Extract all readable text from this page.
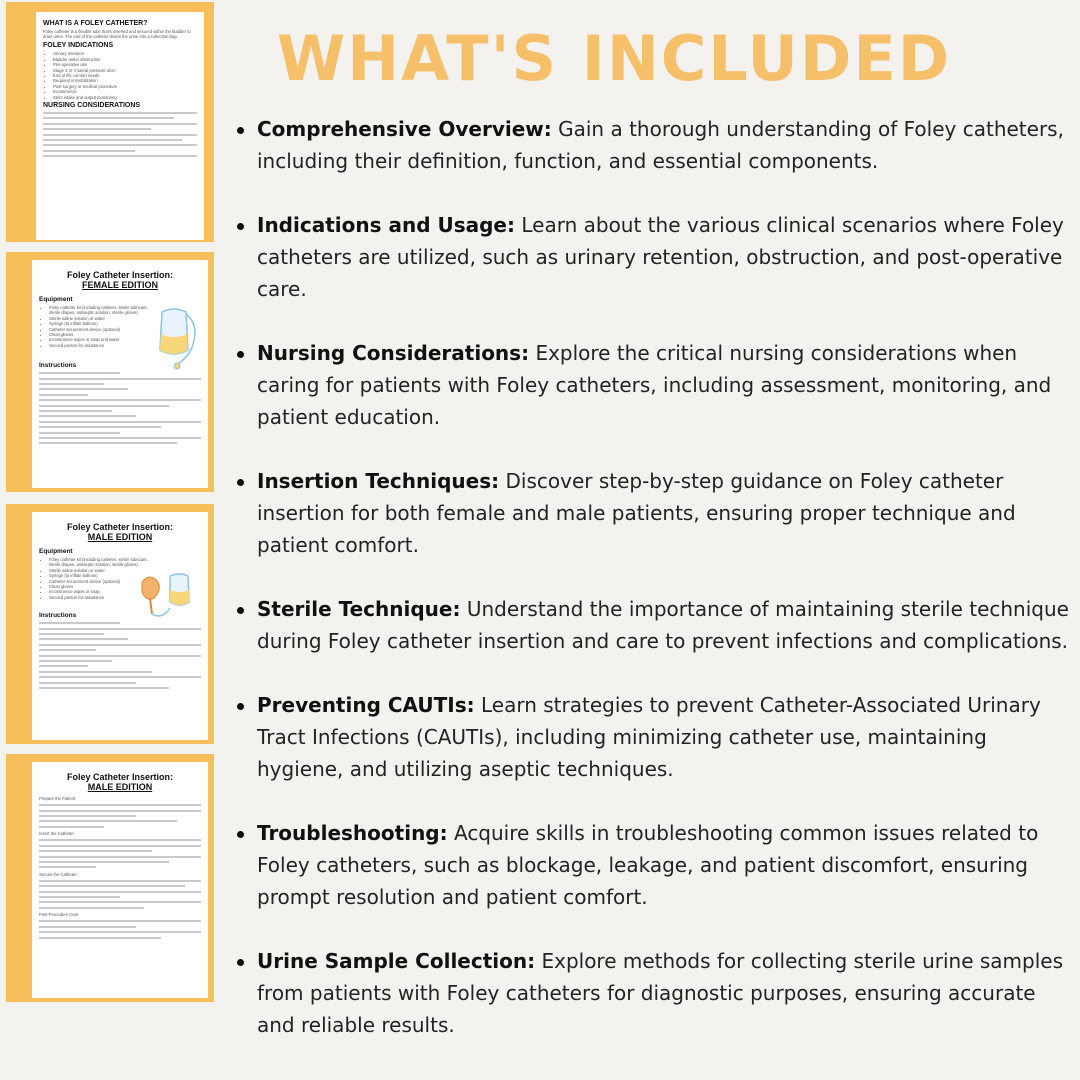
WHAT IS A FOLEY CATHETER?
Foley catheter is a flexible tube that's inserted and secured within the bladder to drain urine. The end of the catheter drains the urine into a collection bag.
FOLEY INDICATIONS
• Urinary retention
• Bladder outlet obstruction
• Peri-operative use
• Stage 3 or 4 sacral pressure ulcer
• End of life comfort needs
• Required immobilization
• Post-surgery or medical procedure
• Incontinence
• Strict intake and output monitoring
NURSING CONSIDERATIONS
Foley Catheter Insertion:
FEMALE EDITION
Equipment
• Foley catheter kit (including catheter, sterile lubricant, sterile drapes, antiseptic solution, sterile gloves)
• Sterile saline solution or water
• Syringe (to inflate balloon)
• Catheter securement device (optional)
• Clean gloves
• Incontinence wipes or soap and water
• Second person for assistance
Instructions
Foley Catheter Insertion:
MALE EDITION
Equipment
• Foley catheter kit (including catheter, sterile lubricant, sterile drapes, antiseptic solution, sterile gloves)
• Sterile saline solution or water
• Syringe (to inflate balloon)
• Catheter securement device (optional)
• Clean gloves
• Incontinence wipes or soap
• Second person for assistance
Instructions
Foley Catheter Insertion:
MALE EDITION
Prepare the Patient:
Insert the Catheter:
Secure the Catheter:
Post-Procedure Care:
WHAT'S INCLUDED
Comprehensive Overview: Gain a thorough understanding of Foley catheters, including their definition, function, and essential components.
Indications and Usage: Learn about the various clinical scenarios where Foley catheters are utilized, such as urinary retention, obstruction, and post-operative care.
Nursing Considerations: Explore the critical nursing considerations when caring for patients with Foley catheters, including assessment, monitoring, and patient education.
Insertion Techniques: Discover step-by-step guidance on Foley catheter insertion for both female and male patients, ensuring proper technique and patient comfort.
Sterile Technique: Understand the importance of maintaining sterile technique during Foley catheter insertion and care to prevent infections and complications.
Preventing CAUTIs: Learn strategies to prevent Catheter-Associated Urinary Tract Infections (CAUTIs), including minimizing catheter use, maintaining hygiene, and utilizing aseptic techniques.
Troubleshooting: Acquire skills in troubleshooting common issues related to Foley catheters, such as blockage, leakage, and patient discomfort, ensuring prompt resolution and patient comfort.
Urine Sample Collection: Explore methods for collecting sterile urine samples from patients with Foley catheters for diagnostic purposes, ensuring accurate and reliable results.
